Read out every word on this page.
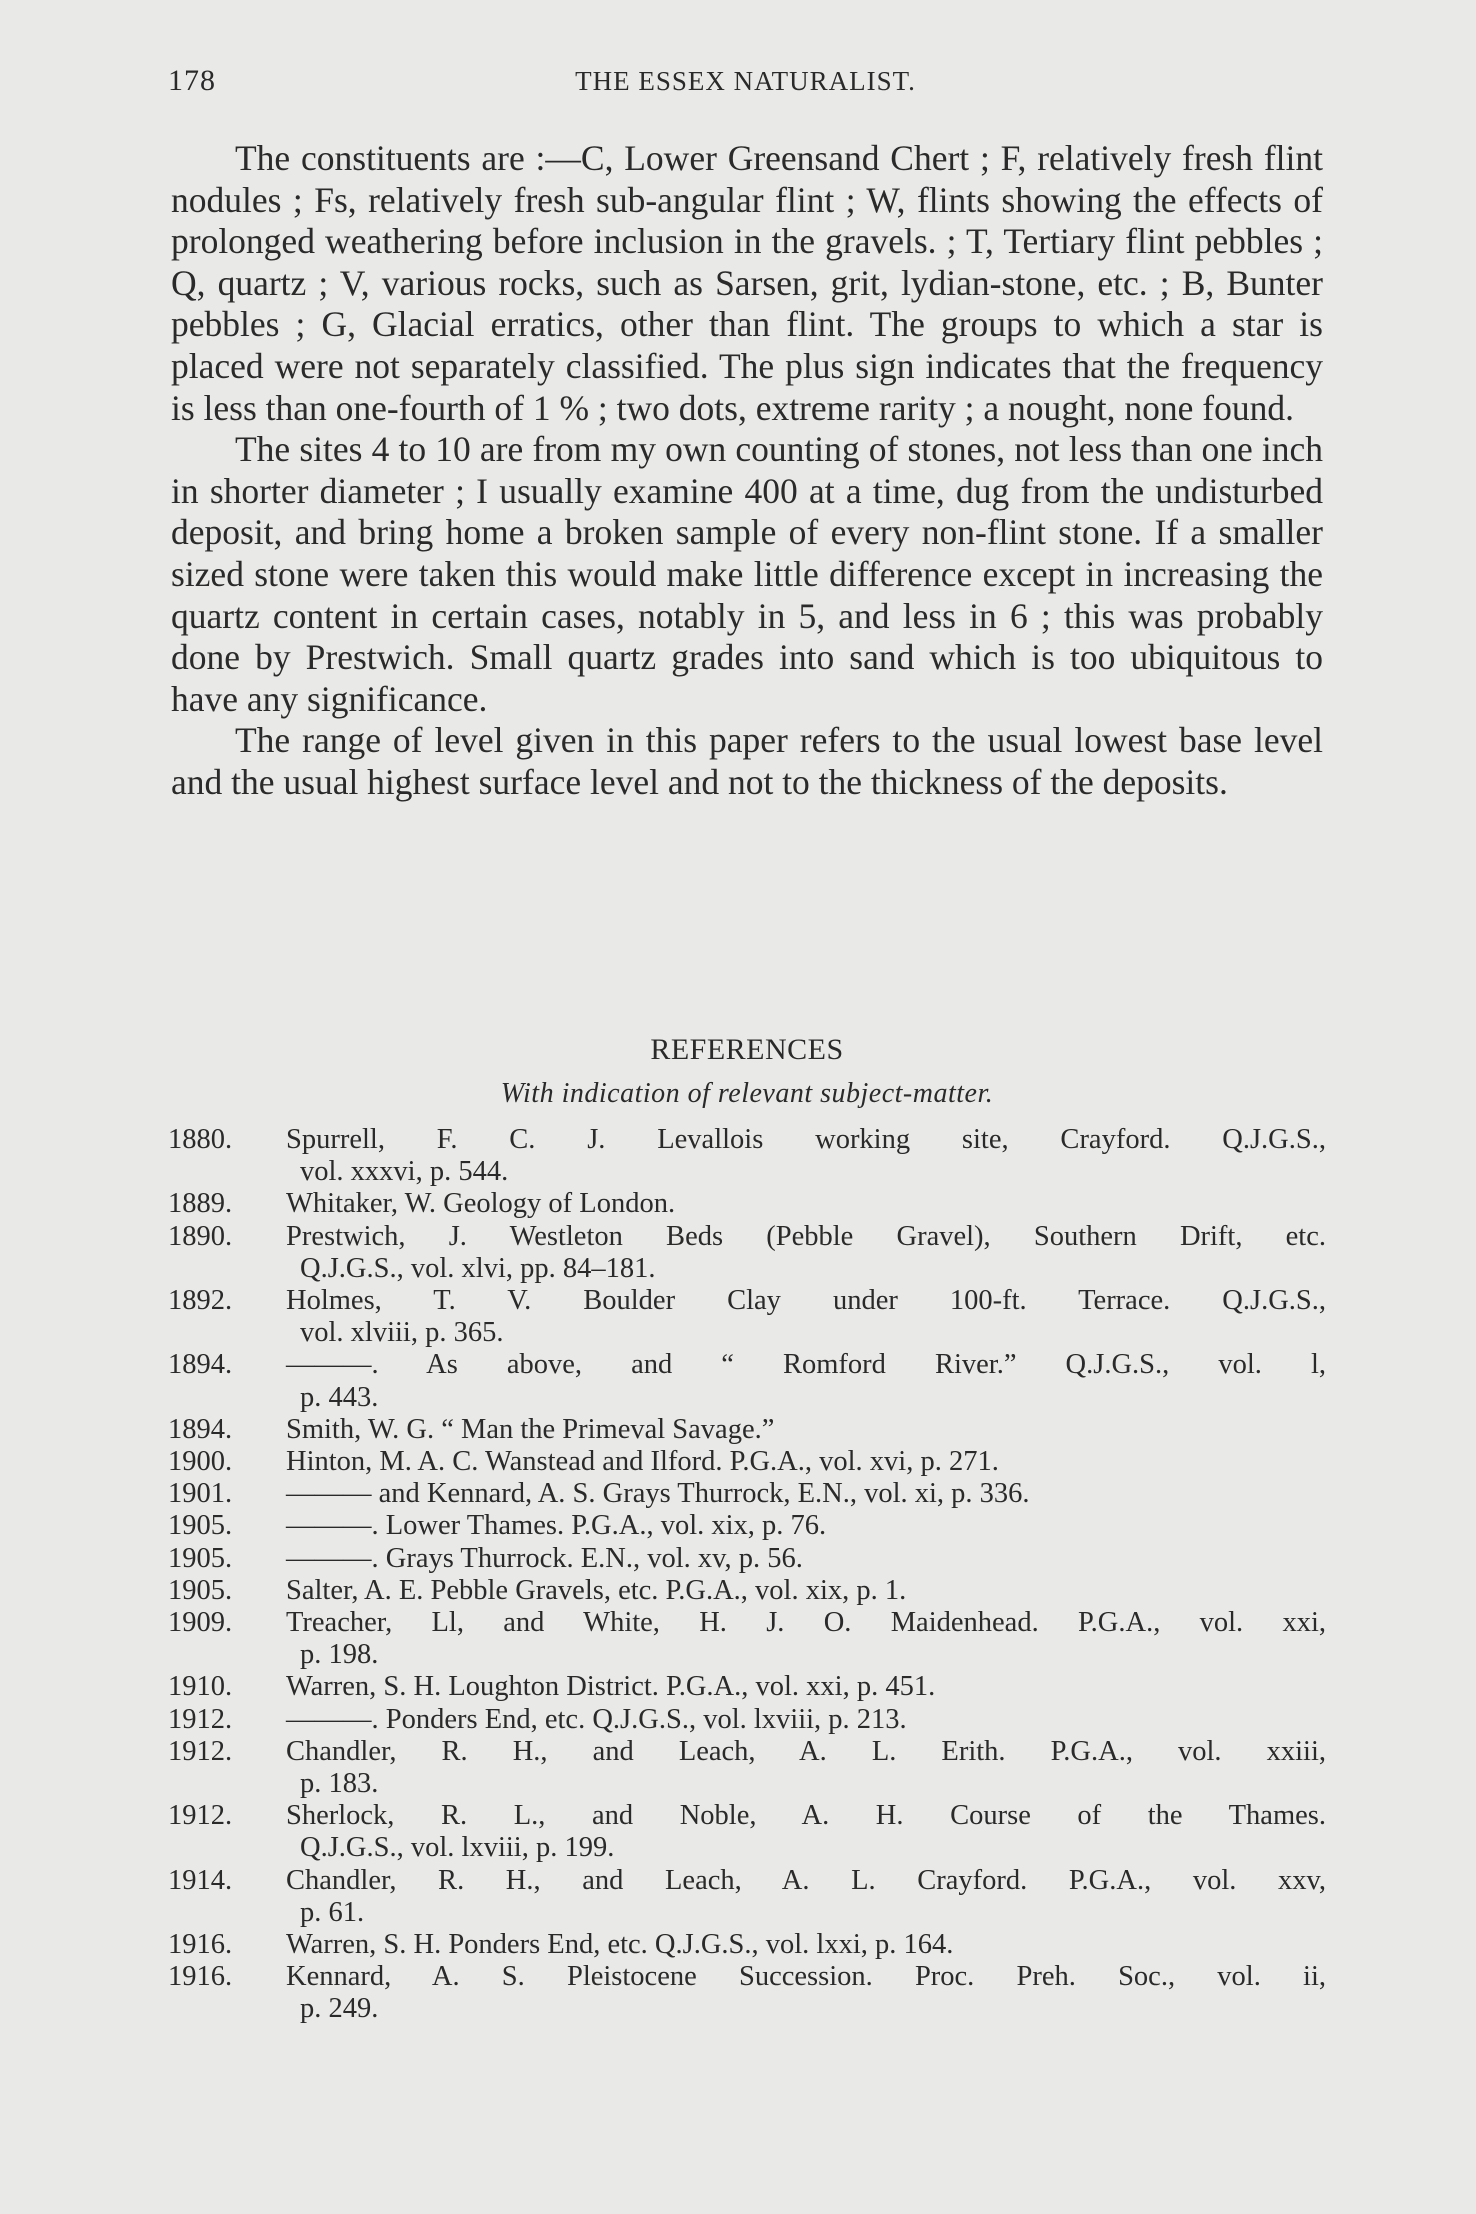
178	THE ESSEX NATURALIST.

The constituents are :—C, Lower Greensand Chert ; F, relatively fresh flint nodules ; Fs, relatively fresh sub-angular flint ; W, flints showing the effects of prolonged weathering before inclusion in the gravels. ; T, Tertiary flint pebbles ; Q, quartz ; V, various rocks, such as Sarsen, grit, lydian-stone, etc. ; B, Bunter pebbles ; G, Glacial erratics, other than flint. The groups to which a star is placed were not separately classified. The plus sign indicates that the frequency is less than one-fourth of 1 % ; two dots, extreme rarity ; a nought, none found.

The sites 4 to 10 are from my own counting of stones, not less than one inch in shorter diameter ; I usually examine 400 at a time, dug from the undisturbed deposit, and bring home a broken sample of every non-flint stone. If a smaller sized stone were taken this would make little difference except in increasing the quartz content in certain cases, notably in 5, and less in 6 ; this was probably done by Prestwich. Small quartz grades into sand which is too ubiquitous to have any significance.

The range of level given in this paper refers to the usual lowest base level and the usual highest surface level and not to the thickness of the deposits.

REFERENCES
With indication of relevant subject-matter.
1880.	Spurrell, F. C. J. Levallois working site, Crayford. Q.J.G.S.,
vol. xxxvi, p. 544.
1889.	Whitaker, W. Geology of London.
1890.	Prestwich, J. Westleton Beds (Pebble Gravel), Southern Drift, etc.
Q.J.G.S., vol. xlvi, pp. 84–181.
1892.	Holmes, T. V. Boulder Clay under 100-ft. Terrace. Q.J.G.S.,
vol. xlviii, p. 365.
1894.	———. As above, and “ Romford River.” Q.J.G.S., vol. l,
p. 443.
1894.	Smith, W. G. “ Man the Primeval Savage.”
1900.	Hinton, M. A. C. Wanstead and Ilford. P.G.A., vol. xvi, p. 271.
1901.	——— and Kennard, A. S. Grays Thurrock, E.N., vol. xi, p. 336.
1905.	———. Lower Thames. P.G.A., vol. xix, p. 76.
1905.	———. Grays Thurrock. E.N., vol. xv, p. 56.
1905.	Salter, A. E. Pebble Gravels, etc. P.G.A., vol. xix, p. 1.
1909.	Treacher, Ll, and White, H. J. O. Maidenhead. P.G.A., vol. xxi,
p. 198.
1910.	Warren, S. H. Loughton District. P.G.A., vol. xxi, p. 451.
1912.	———. Ponders End, etc. Q.J.G.S., vol. lxviii, p. 213.
1912.	Chandler, R. H., and Leach, A. L. Erith. P.G.A., vol. xxiii,
p. 183.
1912.	Sherlock, R. L., and Noble, A. H. Course of the Thames.
Q.J.G.S., vol. lxviii, p. 199.
1914.	Chandler, R. H., and Leach, A. L. Crayford. P.G.A., vol. xxv,
p. 61.
1916.	Warren, S. H. Ponders End, etc. Q.J.G.S., vol. lxxi, p. 164.
1916.	Kennard, A. S. Pleistocene Succession. Proc. Preh. Soc., vol. ii,
p. 249.
